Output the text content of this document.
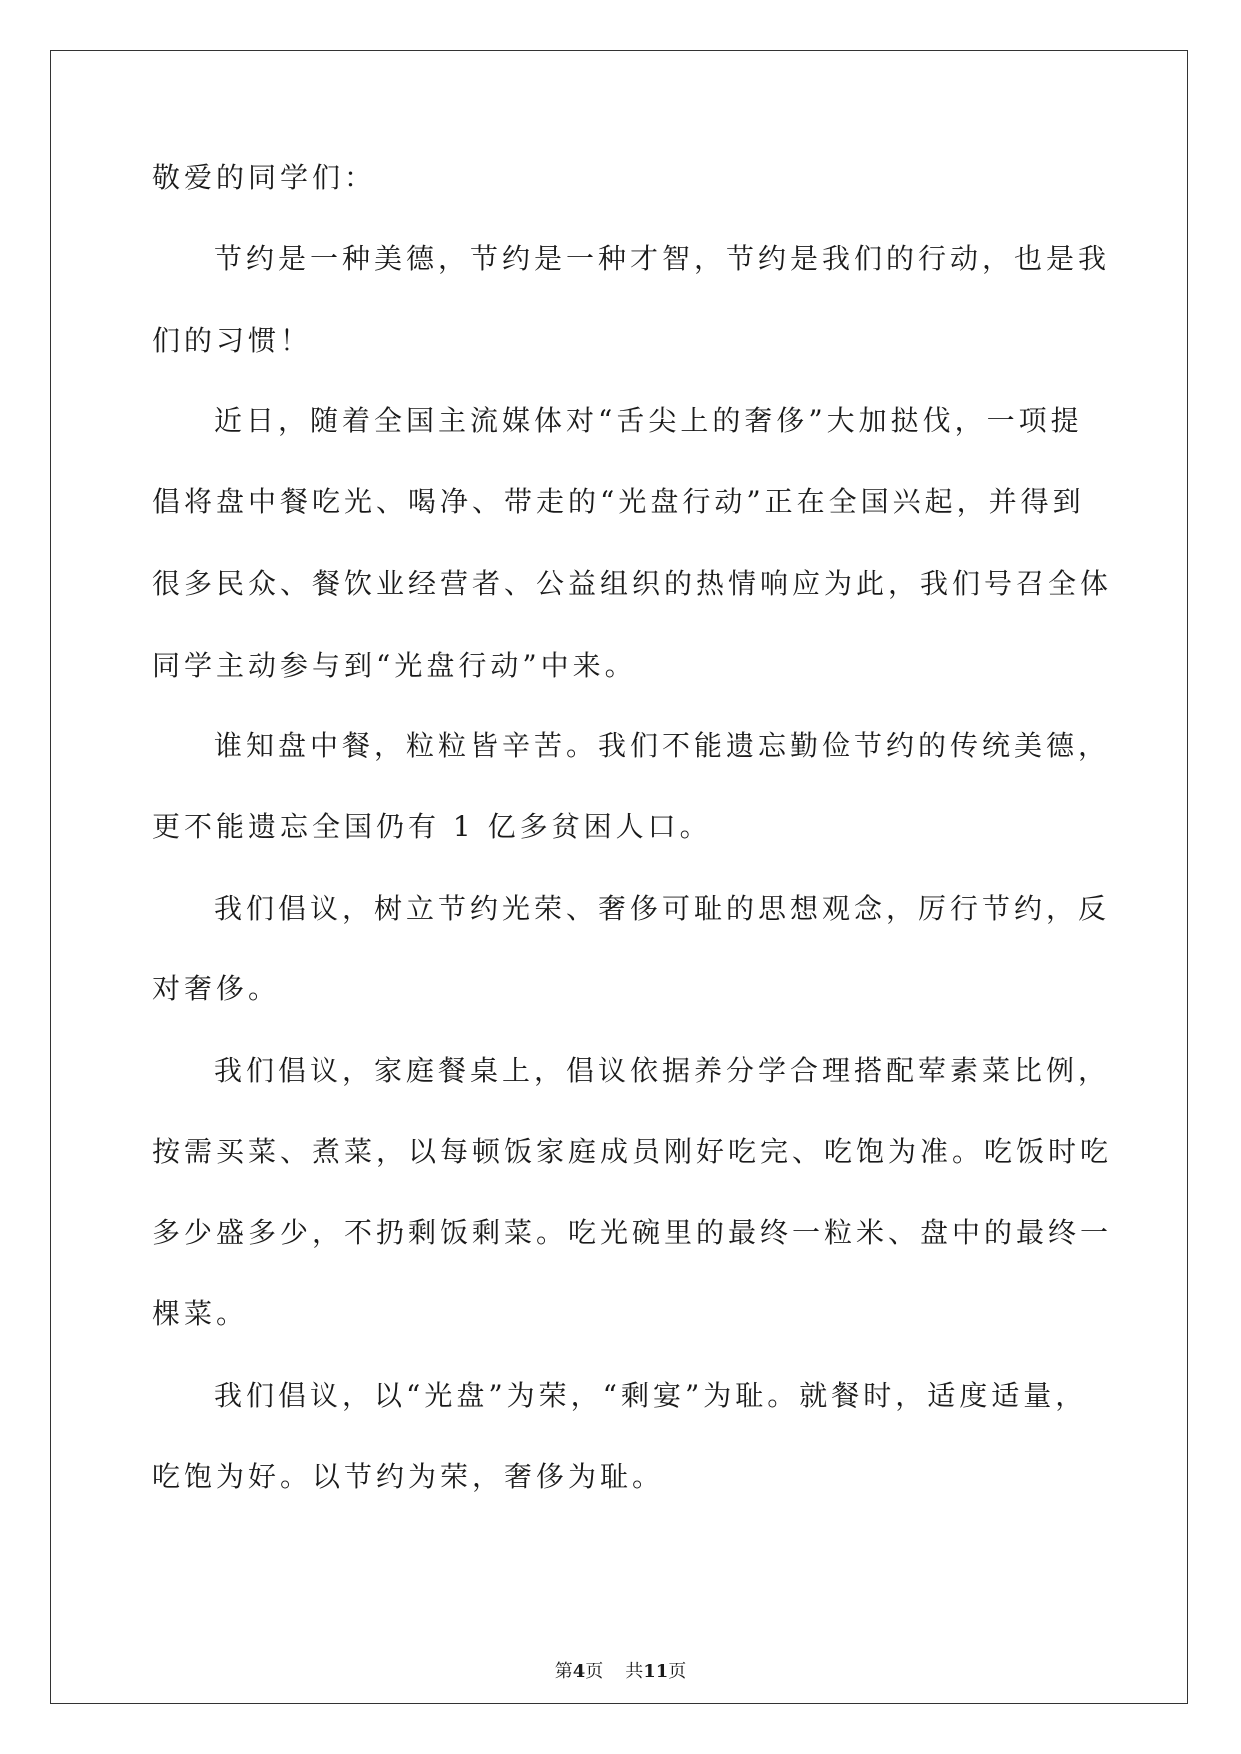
敬爱的同学们：
节约是一种美德，节约是一种才智，节约是我们的行动，也是我
们的习惯！
近日，随着全国主流媒体对“舌尖上的奢侈”大加挞伐，一项提
倡将盘中餐吃光、喝净、带走的“光盘行动”正在全国兴起，并得到
很多民众、餐饮业经营者、公益组织的热情响应为此，我们号召全体
同学主动参与到“光盘行动”中来。
谁知盘中餐，粒粒皆辛苦。我们不能遗忘勤俭节约的传统美德，
更不能遗忘全国仍有 1 亿多贫困人口。
我们倡议，树立节约光荣、奢侈可耻的思想观念，厉行节约，反
对奢侈。
我们倡议，家庭餐桌上，倡议依据养分学合理搭配荤素菜比例，
按需买菜、煮菜，以每顿饭家庭成员刚好吃完、吃饱为准。吃饭时吃
多少盛多少，不扔剩饭剩菜。吃光碗里的最终一粒米、盘中的最终一
棵菜。
我们倡议，以“光盘”为荣，“剩宴”为耻。就餐时，适度适量，
吃饱为好。以节约为荣，奢侈为耻。
第4页 共11页
